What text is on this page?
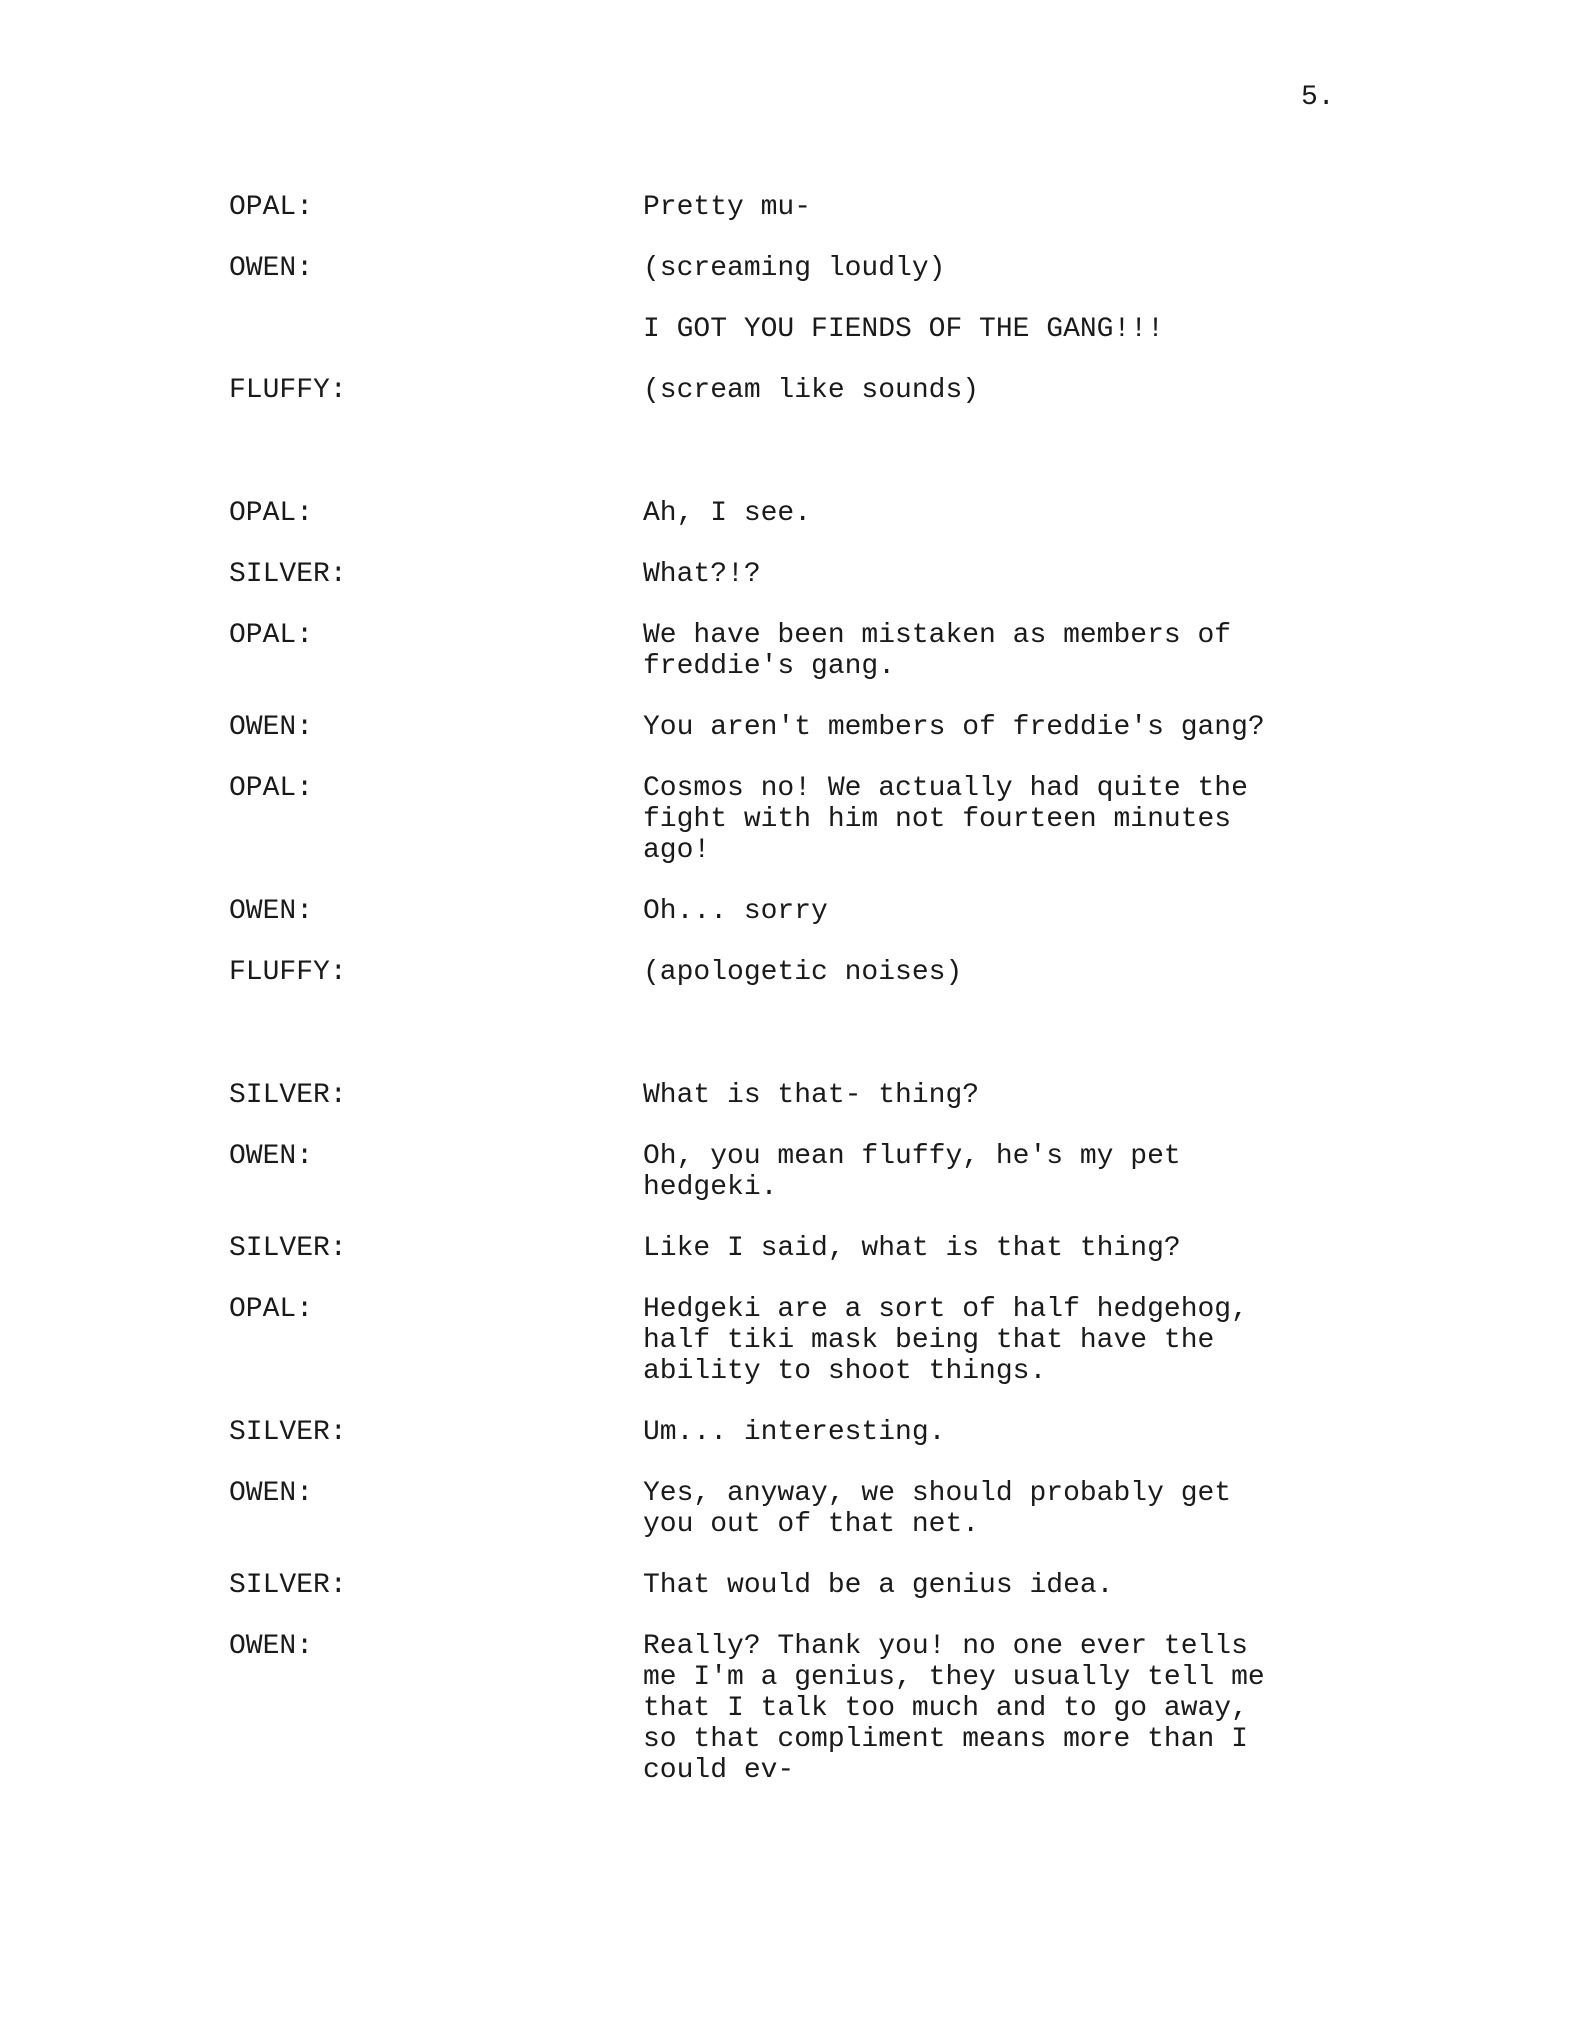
5.
OPAL:	Pretty mu-
OWEN:	(screaming loudly)
I GOT YOU FIENDS OF THE GANG!!!
FLUFFY:	(scream like sounds)
OPAL:	Ah, I see.
SILVER:	What?!?
OPAL:	We have been mistaken as members of
freddie's gang.
OWEN:	You aren't members of freddie's gang?
OPAL:	Cosmos no! We actually had quite the
fight with him not fourteen minutes
ago!
OWEN:	Oh... sorry
FLUFFY:	(apologetic noises)
SILVER:	What is that- thing?
OWEN:	Oh, you mean fluffy, he's my pet
hedgeki.
SILVER:	Like I said, what is that thing?
OPAL:	Hedgeki are a sort of half hedgehog,
half tiki mask being that have the
ability to shoot things.
SILVER:	Um... interesting.
OWEN:	Yes, anyway, we should probably get
you out of that net.
SILVER:	That would be a genius idea.
OWEN:	Really? Thank you! no one ever tells
me I'm a genius, they usually tell me
that I talk too much and to go away,
so that compliment means more than I
could ev-
